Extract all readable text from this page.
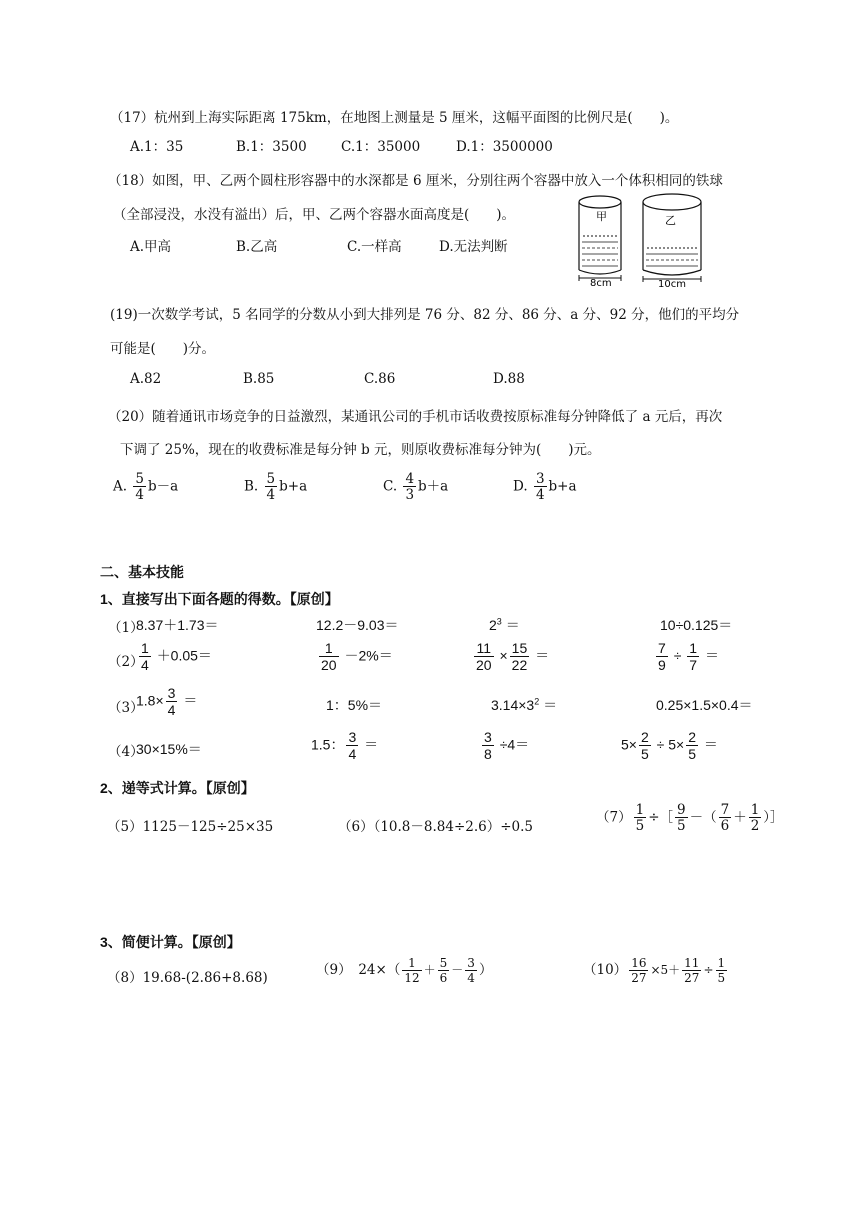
（17）杭州到上海实际距离 175km，在地图上测量是 5 厘米，这幅平面图的比例尺是(　　)。
A.1：35	B.1：3500	C.1：35000	D.1：3500000
（18）如图，甲、乙两个圆柱形容器中的水深都是 6 厘米，分别往两个容器中放入一个体积相同的铁球
（全部浸没，水没有溢出）后，甲、乙两个容器水面高度是(　　)。
A.甲高	B.乙高	C.一样高	D.无法判断
甲
8cm
乙
10cm
(19)一次数学考试，5 名同学的分数从小到大排列是 76 分、82 分、86 分、a 分、92 分，他们的平均分
可能是(　　)分。
A.82	B.85	C.86	D.88
（20）随着通讯市场竞争的日益激烈，某通讯公司的手机市话收费按原标准每分钟降低了 a 元后，再次
下调了 25%，现在的收费标准是每分钟 b 元，则原收费标准每分钟为(　　)元。
A. $\frac{5}{4} b-a$	B. $\frac{5}{4} b+a$	C. $\frac{4}{3} b+a$	D. $\frac{3}{4} b+a$
二、基本技能
1、直接写出下面各题的得数。【原创】
（1）
8.37＋1.73＝	12.2－9.03＝	$2^3$ ＝	10÷0.125＝
（2）
$\frac{1}{4} +0.05=$	$\frac{1}{20} -2\%=$	$\frac{11}{20} \times \frac{15}{22}$ ＝	$\frac{7}{9} \div \frac{1}{7}$ ＝
（3）
$1.8\times \frac{3}{4}$ ＝	1：5%＝	$3.14\times 3^2$ ＝	0.25×1.5×0.4＝
（4）
30×15%＝	1.5： $\frac{3}{4}$ ＝	$\frac{3}{8} \div 4=$	$5\times \frac{2}{5} \div 5\times \frac{2}{5}$ ＝
2、递等式计算。【原创】
（5）1125－125÷25×35	（6）（10.8－8.84÷2.6）÷0.5
$(7) \frac{1}{5}$ ÷［ $\frac{9}{5}$ －（ $\frac{7}{6} + \frac{1}{2}$ ）］
3、简便计算。【原创】
（8）19.68-(2.86+8.68)	（9）　$24\times( \frac{1}{12} + \frac{5}{6} - \frac{3}{4}$ ）	$(10) \frac{16}{27} \times 5+ \frac{11}{27} \div \frac{1}{5}$
